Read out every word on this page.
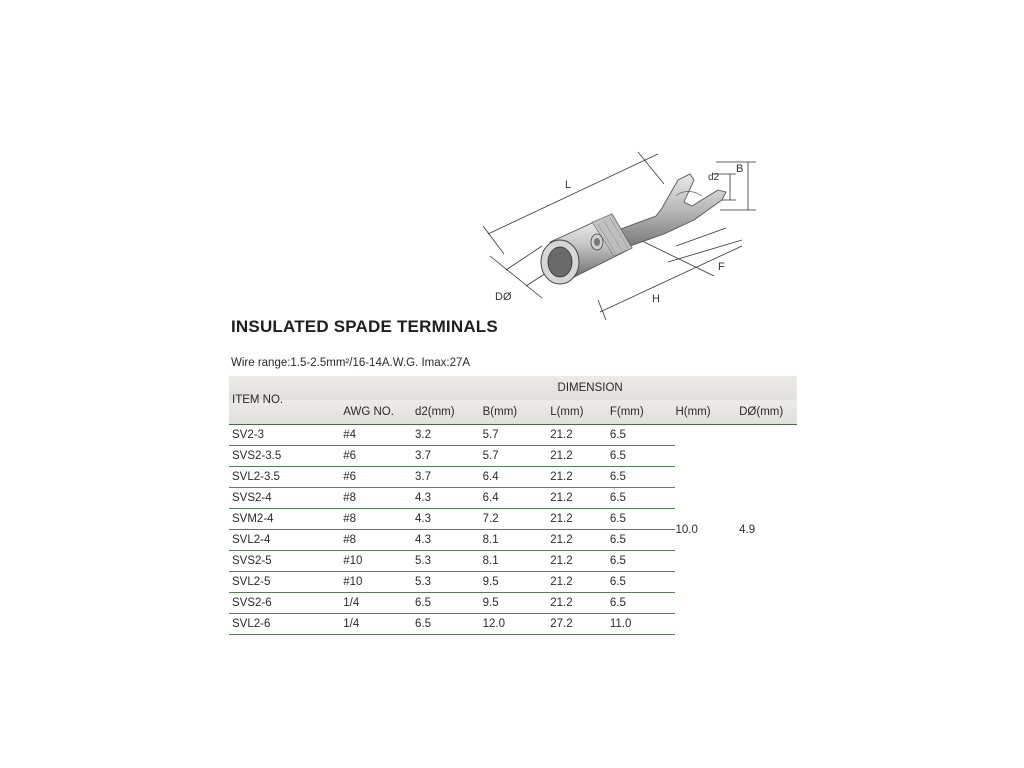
L
B
d2
F
H
DØ
INSULATED SPADE TERMINALS
Wire range:1.5-2.5mm²/16-14A.W.G. Imax:27A
ITEM NO.	DIMENSION						
	AWG NO.	d2(mm)	B(mm)	L(mm)	F(mm)	H(mm)	DØ(mm)
SV2-3	#4	3.2	5.7	21.2	6.5	10.0	4.9
SVS2-3.5	#6	3.7	5.7	21.2	6.5		
SVL2-3.5	#6	3.7	6.4	21.2	6.5		
SVS2-4	#8	4.3	6.4	21.2	6.5		
SVM2-4	#8	4.3	7.2	21.2	6.5		
SVL2-4	#8	4.3	8.1	21.2	6.5		
SVS2-5	#10	5.3	8.1	21.2	6.5		
SVL2-5	#10	5.3	9.5	21.2	6.5		
SVS2-6	1/4	6.5	9.5	21.2	6.5		
SVL2-6	1/4	6.5	12.0	27.2	11.0		
